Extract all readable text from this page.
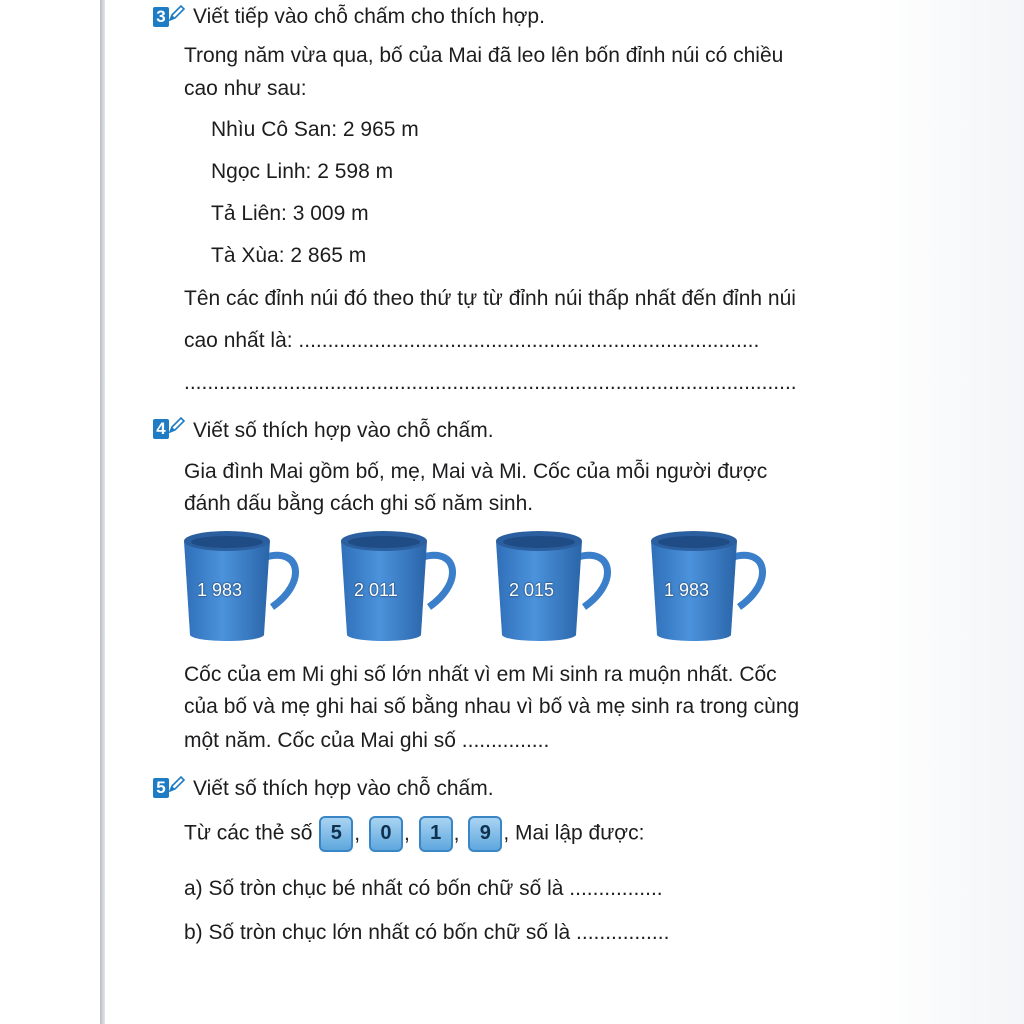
3 Viết tiếp vào chỗ chấm cho thích hợp.
Trong năm vừa qua, bố của Mai đã leo lên bốn đỉnh núi có chiều
cao như sau:
Nhìu Cô San: 2 965 m
Ngọc Linh: 2 598 m
Tả Liên: 3 009 m
Tà Xùa: 2 865 m
Tên các đỉnh núi đó theo thứ tự từ đỉnh núi thấp nhất đến đỉnh núi
cao nhất là: ...............................................................................
.........................................................................................................
4 Viết số thích hợp vào chỗ chấm.
Gia đình Mai gồm bố, mẹ, Mai và Mi. Cốc của mỗi người được
đánh dấu bằng cách ghi số năm sinh.
1 983	2 011	2 015	1 983
Cốc của em Mi ghi số lớn nhất vì em Mi sinh ra muộn nhất. Cốc
của bố và mẹ ghi hai số bằng nhau vì bố và mẹ sinh ra trong cùng
một năm. Cốc của Mai ghi số ...............
5 Viết số thích hợp vào chỗ chấm.
Từ các thẻ số 5 , 0 , 1 , 9 , Mai lập được:
a) Số tròn chục bé nhất có bốn chữ số là ................
b) Số tròn chục lớn nhất có bốn chữ số là ................
